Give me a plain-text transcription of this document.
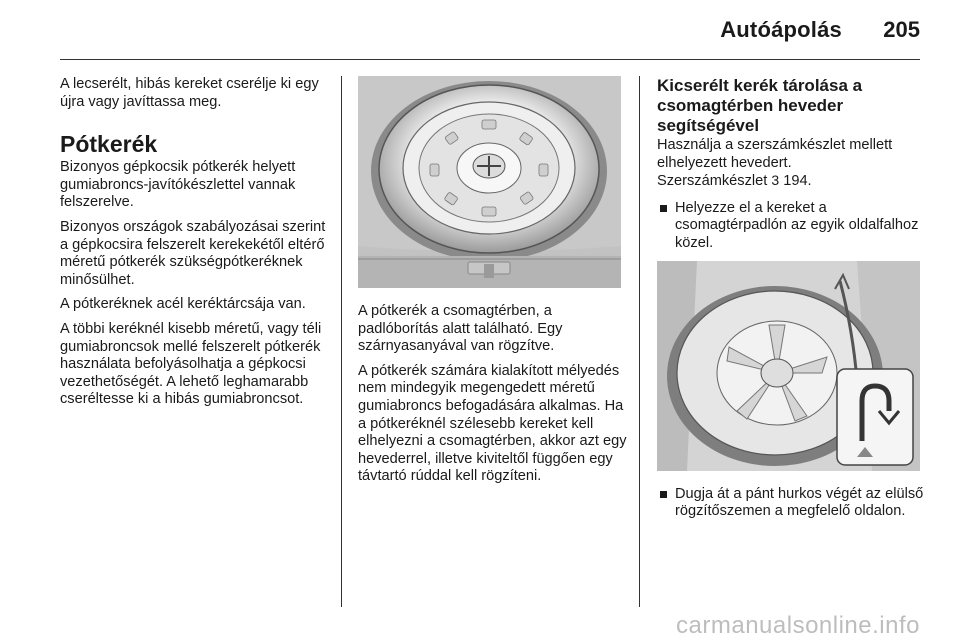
Autóápolás 205

A lecserélt, hibás kereket cserélje ki egy újra vagy javíttassa meg.

Pótkerék

Bizonyos gépkocsik pótkerék helyett gumiabroncs-javítókészlettel vannak felszerelve.

Bizonyos országok szabályozásai szerint a gépkocsira felszerelt kerekekétől eltérő méretű pótkerék szükségpótkeréknek minősülhet.

A pótkeréknek acél keréktárcsája van.

A többi keréknél kisebb méretű, vagy téli gumiabroncsok mellé felszerelt pótkerék használata befolyásolhatja a gépkocsi vezethetőségét. A lehető leghamarabb cseréltesse ki a hibás gumiabroncsot.

A pótkerék a csomagtérben, a padlóborítás alatt található. Egy szárnyasanyával van rögzítve.

A pótkerék számára kialakított mélyedés nem mindegyik megengedett méretű gumiabroncs befogadására alkalmas. Ha a pótkeréknél szélesebb kereket kell elhelyezni a csomagtérben, akkor azt egy hevederrel, illetve kiviteltől függően egy távtartó rúddal kell rögzíteni.

Kicserélt kerék tárolása a csomagtérben heveder segítségével

Használja a szerszámkészlet mellett elhelyezett hevedert.
Szerszámkészlet 3 194.

Helyezze el a kereket a csomagtérpadlón az egyik oldalfalhoz közel.
Dugja át a pánt hurkos végét az elülső rögzítőszemen a megfelelő oldalon.
carmanualsonline.info
